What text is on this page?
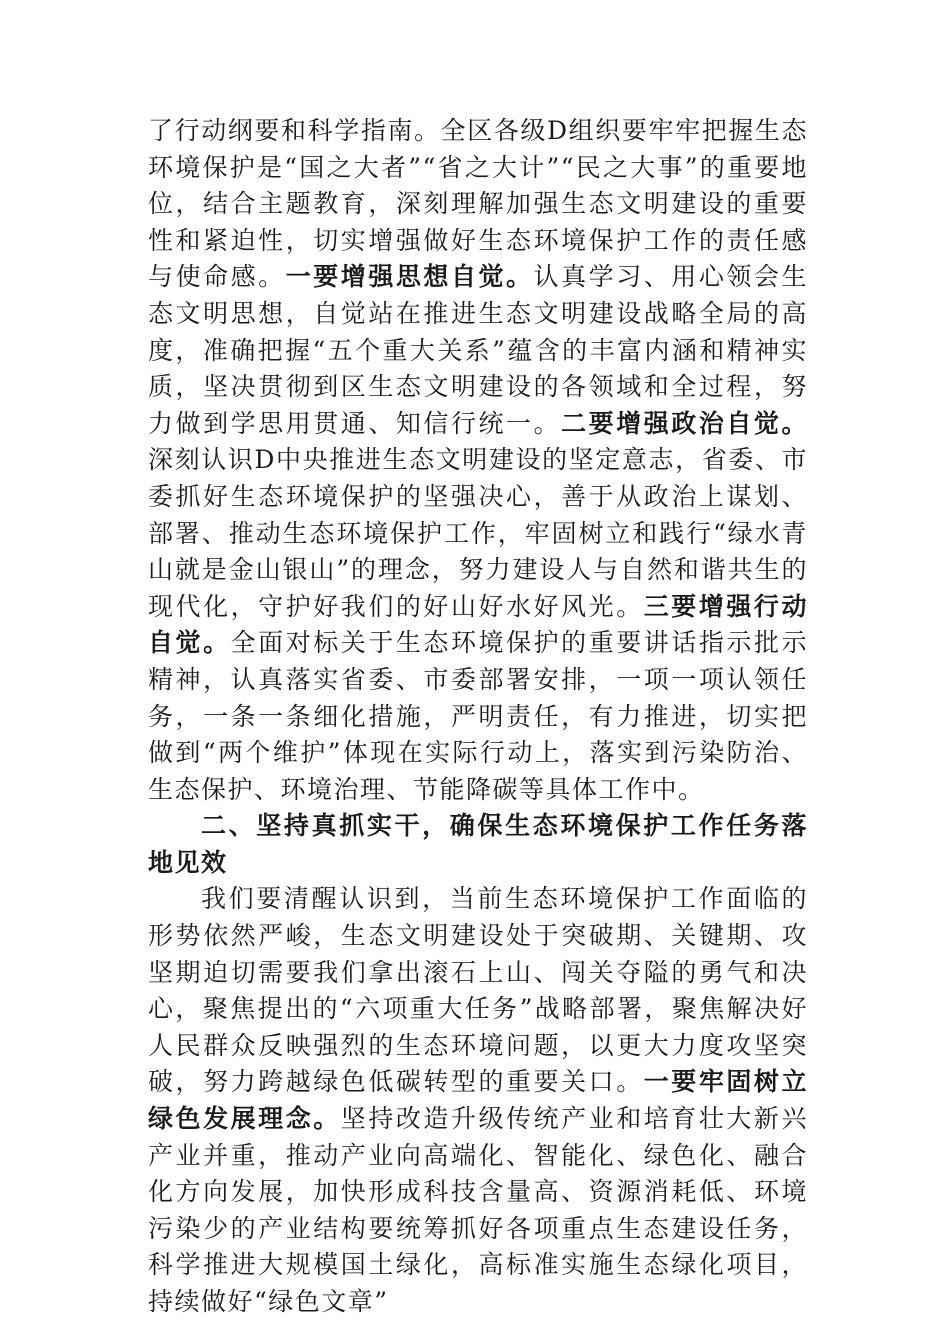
了行动纲要和科学指南。全区各级D组织要牢牢把握生态环境保护是“国之大者”“省之大计”“民之大事”的重要地位，结合主题教育，深刻理解加强生态文明建设的重要性和紧迫性，切实增强做好生态环境保护工作的责任感与使命感。一要增强思想自觉。认真学习、用心领会生态文明思想，自觉站在推进生态文明建设战略全局的高度，准确把握“五个重大关系”蕴含的丰富内涵和精神实质，坚决贯彻到区生态文明建设的各领域和全过程，努力做到学思用贯通、知信行统一。二要增强政治自觉。深刻认识D中央推进生态文明建设的坚定意志，省委、市委抓好生态环境保护的坚强决心，善于从政治上谋划、部署、推动生态环境保护工作，牢固树立和践行“绿水青山就是金山银山”的理念，努力建设人与自然和谐共生的现代化，守护好我们的好山好水好风光。三要增强行动自觉。全面对标关于生态环境保护的重要讲话指示批示精神，认真落实省委、市委部署安排，一项一项认领任务，一条一条细化措施，严明责任，有力推进，切实把做到“两个维护”体现在实际行动上，落实到污染防治、生态保护、环境治理、节能降碳等具体工作中。

二、坚持真抓实干，确保生态环境保护工作任务落地见效

我们要清醒认识到，当前生态环境保护工作面临的形势依然严峻，生态文明建设处于突破期、关键期、攻坚期迫切需要我们拿出滚石上山、闯关夺隘的勇气和决心，聚焦提出的“六项重大任务”战略部署，聚焦解决好人民群众反映强烈的生态环境问题，以更大力度攻坚突破，努力跨越绿色低碳转型的重要关口。一要牢固树立绿色发展理念。坚持改造升级传统产业和培育壮大新兴产业并重，推动产业向高端化、智能化、绿色化、融合化方向发展，加快形成科技含量高、资源消耗低、环境污染少的产业结构要统筹抓好各项重点生态建设任务，科学推进大规模国土绿化，高标准实施生态绿化项目，持续做好“绿色文章”
